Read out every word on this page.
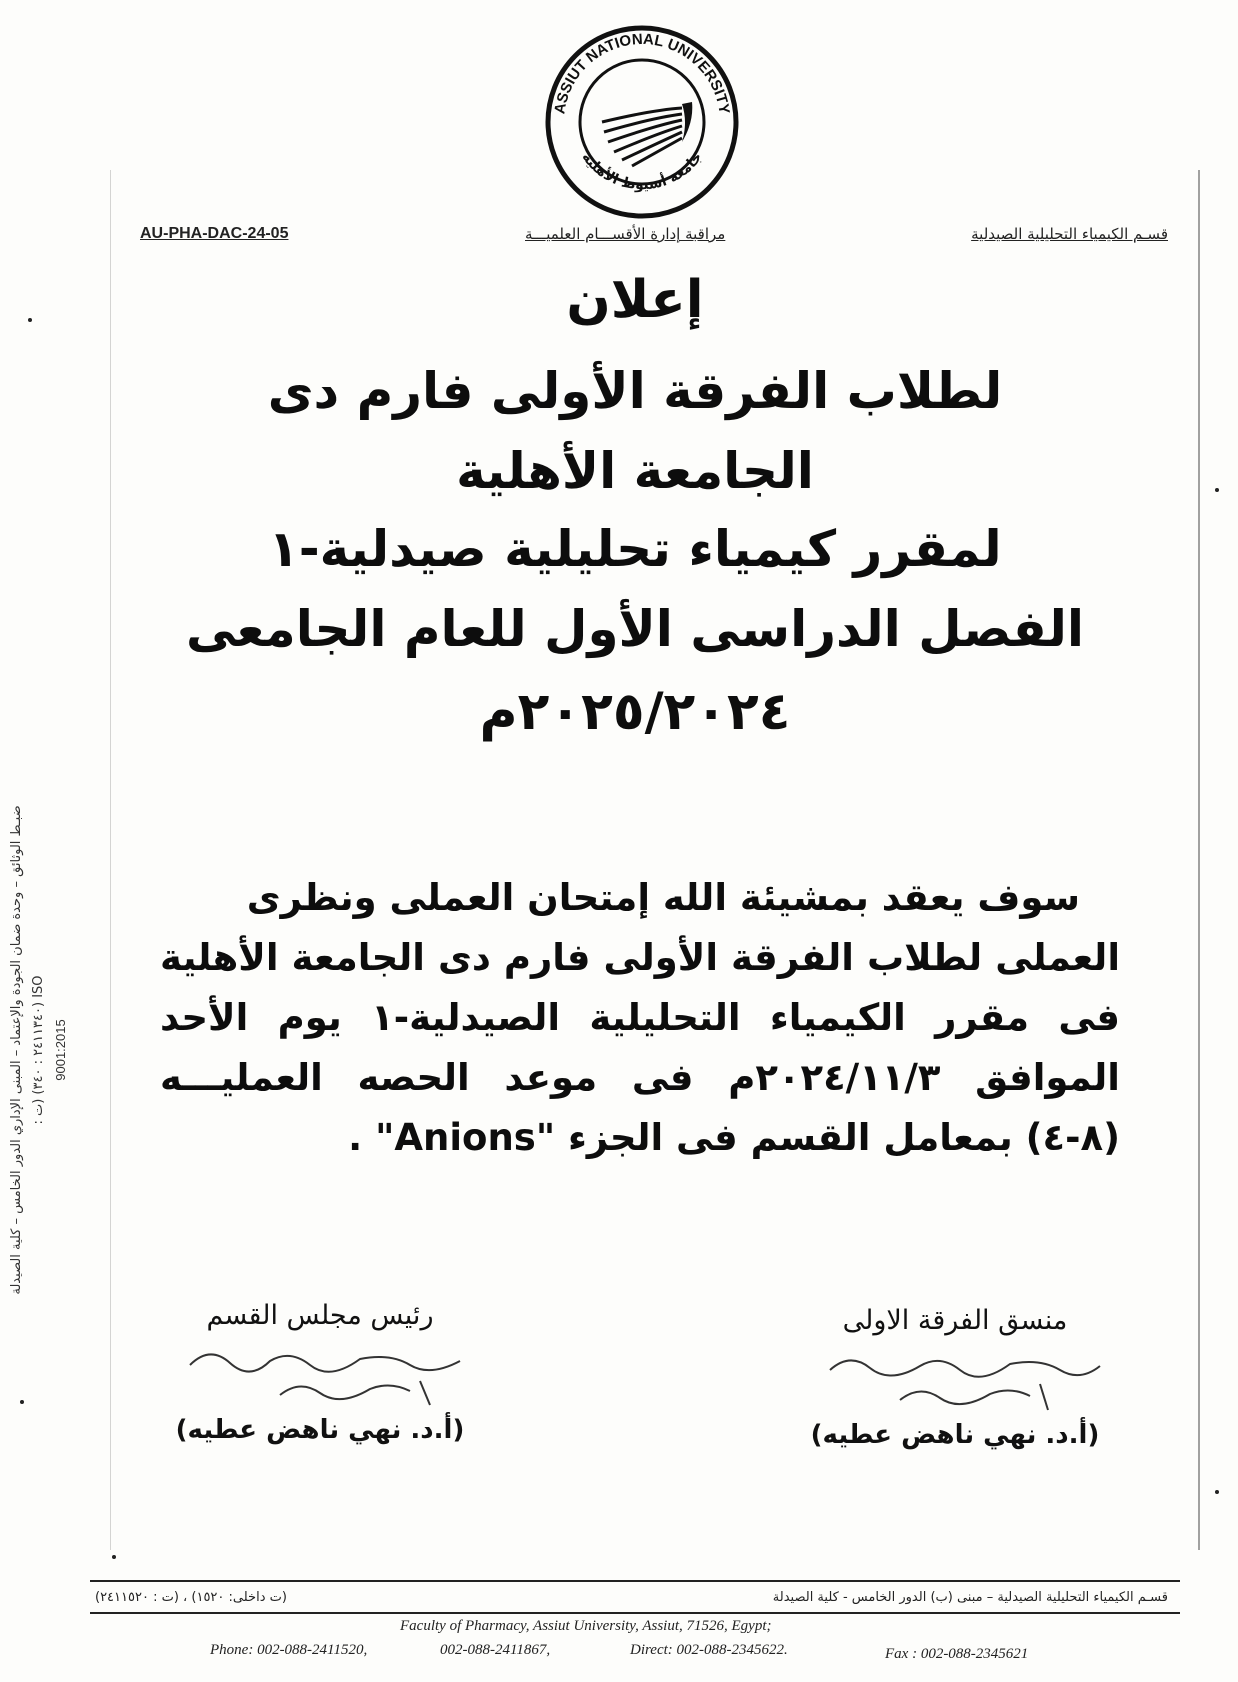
ASSIUT NATIONAL UNIVERSITY
جامعة أسيوط الأهلية
AU-PHA-DAC-24-05	مراقبة إدارة الأقســـام العلميـــة	قسـم الكيمياء التحليلية الصيدلية
إعلان
لطلاب الفرقة الأولى فارم دى
الجامعة الأهلية
لمقرر كيمياء تحليلية صيدلية-١
الفصل الدراسى الأول للعام الجامعى
٢٠٢٥/٢٠٢٤م
سوف يعقد بمشيئة الله إمتحان العملى ونظرى
العملى لطلاب الفرقة الأولى فارم دى الجامعة الأهلية
فى مقرر الكيمياء التحليلية الصيدلية-١ يوم الأحد
الموافق ٢٠٢٤/١١/٣م فى موعد الحصه العمليـــه
(٨-٤) بمعامل القسم فى الجزء "Anions" .
رئيس مجلس القسم
(أ.د. نهي ناهض عطيه)
منسق الفرقة الاولى
(أ.د. نهي ناهض عطيه)
قسـم الكيمياء التحليلية الصيدلية – مبنى (ب) الدور الخامس - كلية الصيدلة
(ت داخلى: ١٥٢٠) ، (ت : ٢٤١١٥٢٠)
Faculty of Pharmacy, Assiut University, Assiut, 71526, Egypt;
Phone: 002-088-2411520,	002-088-2411867,	Direct: 002-088-2345622.	Fax : 002-088-2345621
ضبـط الوثائق – وحدة ضمان الجودة والإعتماد – المبنى الإداري الدور الخامس – كلية الصيدلة ISO (٢٤١١٣٤٠ : ٣٤٠) (ت :
9001:2015
